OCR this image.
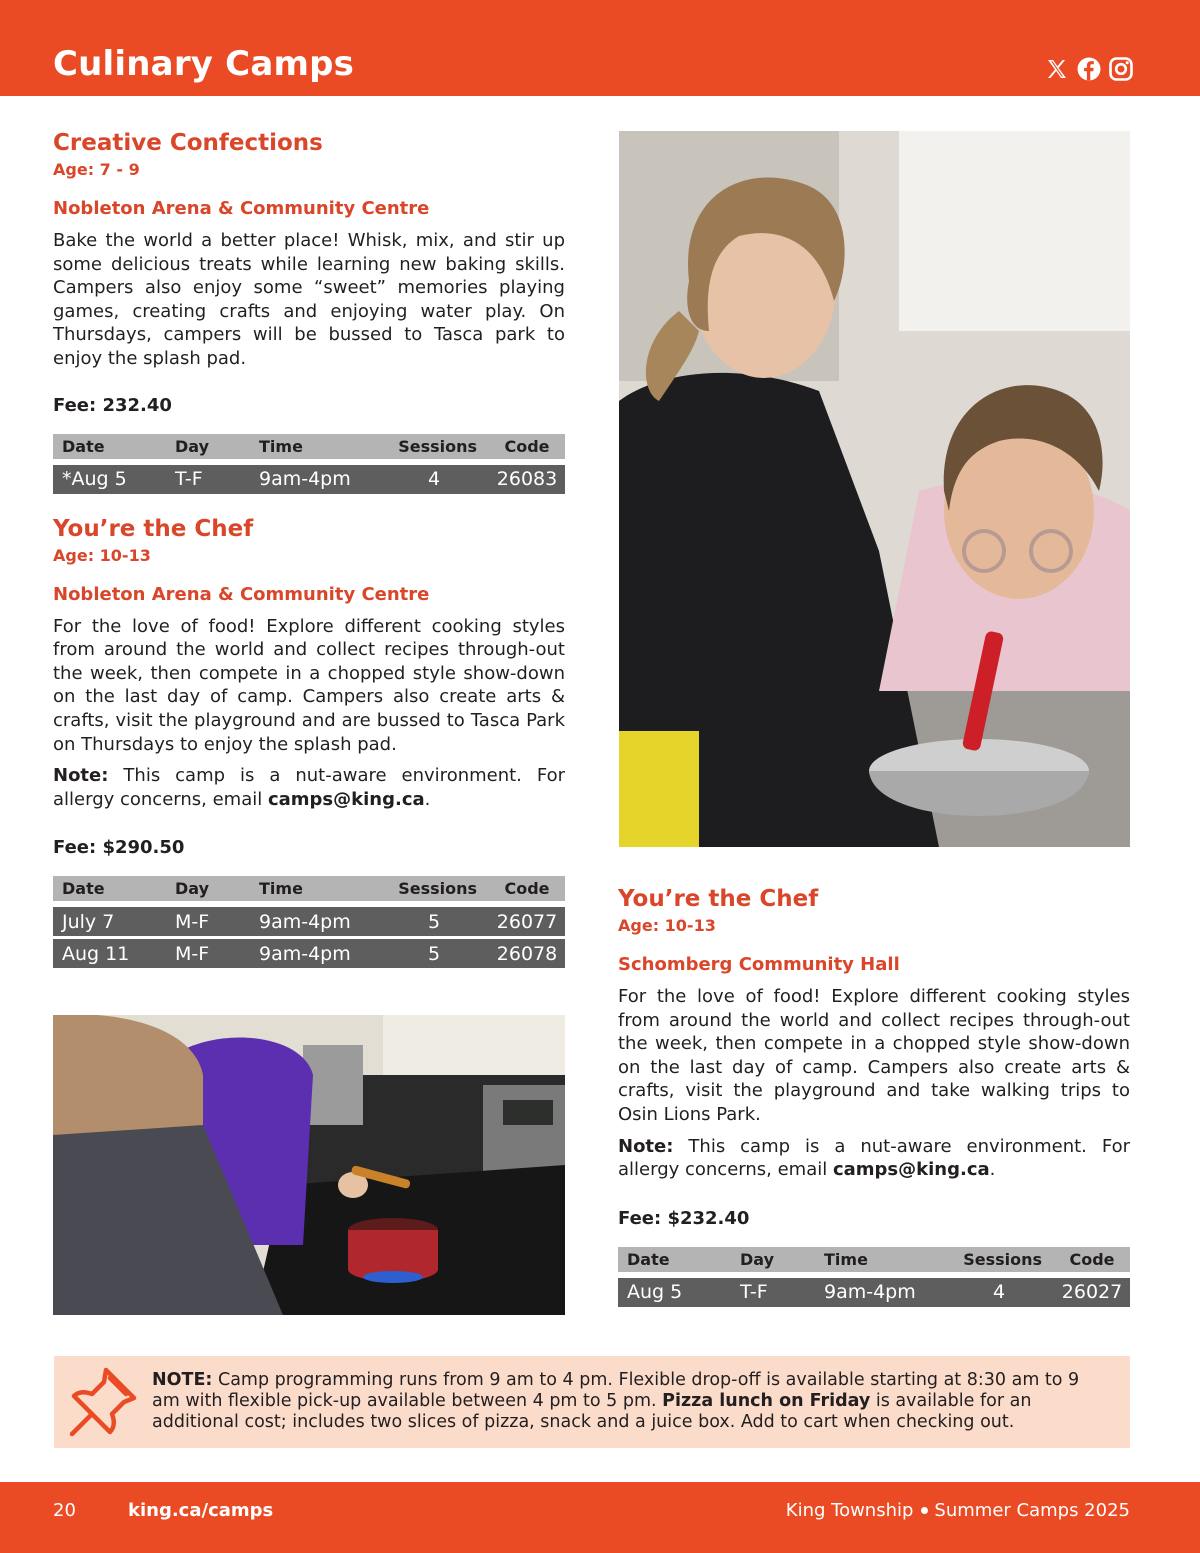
Culinary Camps
Creative Confections
Age: 7 - 9
Nobleton Arena & Community Centre
Bake the world a better place! Whisk, mix, and stir up some delicious treats while learning new baking skills. Campers also enjoy some “sweet” memories playing games, creating crafts and enjoying water play. On Thursdays, campers will be bussed to Tasca park to enjoy the splash pad.
Fee: 232.40
Date	Day	Time	Sessions	Code
*Aug 5	T-F	9am-4pm	4	26083
You’re the Chef
Age: 10-13
Nobleton Arena & Community Centre
For the love of food! Explore different cooking styles from around the world and collect recipes through-out the week, then compete in a chopped style show-down on the last day of camp. Campers also create arts & crafts, visit the playground and are bussed to Tasca Park on Thursdays to enjoy the splash pad.
Note: This camp is a nut-aware environment. For allergy concerns, email camps@king.ca.
Fee: $290.50
Date	Day	Time	Sessions	Code
July 7	M-F	9am-4pm	5	26077
Aug 11	M-F	9am-4pm	5	26078
You’re the Chef
Age: 10-13
Schomberg Community Hall
For the love of food! Explore different cooking styles from around the world and collect recipes through-out the week, then compete in a chopped style show-down on the last day of camp. Campers also create arts & crafts, visit the playground and take walking trips to Osin Lions Park.
Note: This camp is a nut-aware environment. For allergy concerns, email camps@king.ca.
Fee: $232.40
Date	Day	Time	Sessions	Code
Aug 5	T-F	9am-4pm	4	26027
NOTE: Camp programming runs from 9 am to 4 pm. Flexible drop-off is available starting at 8:30 am to 9 am with flexible pick-up available between 4 pm to 5 pm. Pizza lunch on Friday is available for an additional cost; includes two slices of pizza, snack and a juice box. Add to cart when checking out.
20	king.ca/camps	King Township Summer Camps 2025
